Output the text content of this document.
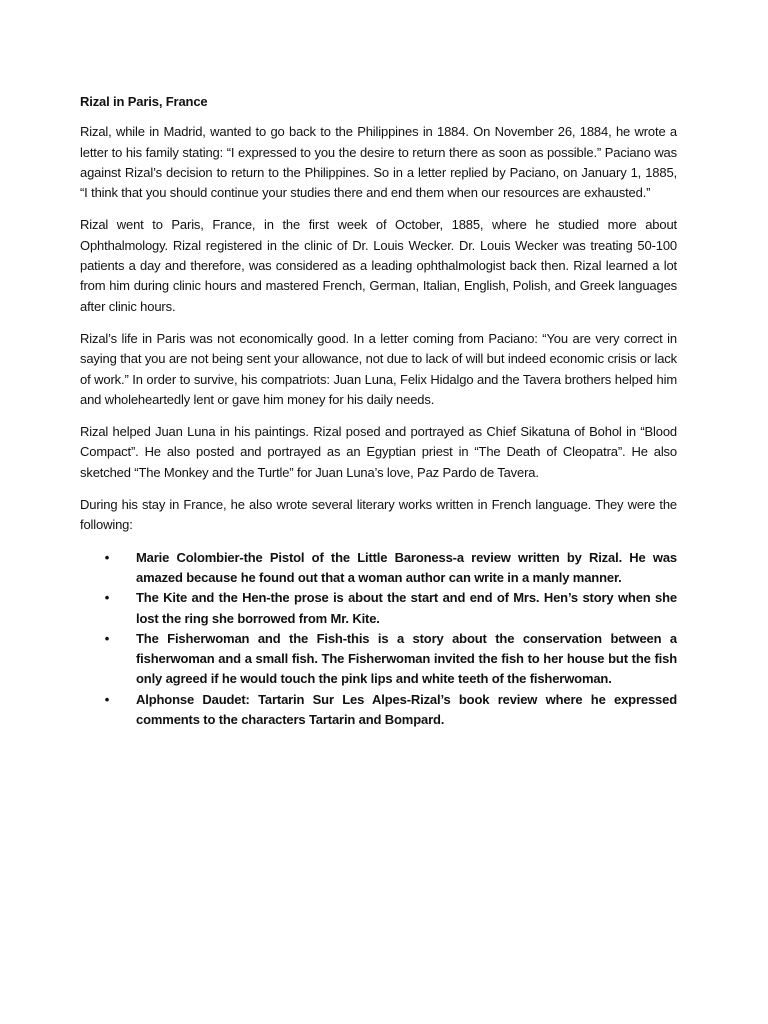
Rizal in Paris, France

Rizal, while in Madrid, wanted to go back to the Philippines in 1884. On November 26, 1884, he wrote a letter to his family stating: “I expressed to you the desire to return there as soon as possible.” Paciano was against Rizal’s decision to return to the Philippines. So in a letter replied by Paciano, on January 1, 1885, “I think that you should continue your studies there and end them when our resources are exhausted.”

Rizal went to Paris, France, in the first week of October, 1885, where he studied more about Ophthalmology. Rizal registered in the clinic of Dr. Louis Wecker. Dr. Louis Wecker was treating 50-100 patients a day and therefore, was considered as a leading ophthalmologist back then. Rizal learned a lot from him during clinic hours and mastered French, German, Italian, English, Polish, and Greek languages after clinic hours.

Rizal’s life in Paris was not economically good. In a letter coming from Paciano: “You are very correct in saying that you are not being sent your allowance, not due to lack of will but indeed economic crisis or lack of work.” In order to survive, his compatriots: Juan Luna, Felix Hidalgo and the Tavera brothers helped him and wholeheartedly lent or gave him money for his daily needs.

Rizal helped Juan Luna in his paintings. Rizal posed and portrayed as Chief Sikatuna of Bohol in “Blood Compact”. He also posted and portrayed as an Egyptian priest in “The Death of Cleopatra”. He also sketched “The Monkey and the Turtle” for Juan Luna’s love, Paz Pardo de Tavera.

During his stay in France, he also wrote several literary works written in French language. They were the following:

• Marie Colombier-the Pistol of the Little Baroness-a review written by Rizal. He was amazed because he found out that a woman author can write in a manly manner.
• The Kite and the Hen-the prose is about the start and end of Mrs. Hen’s story when she lost the ring she borrowed from Mr. Kite.
• The Fisherwoman and the Fish-this is a story about the conservation between a fisherwoman and a small fish. The Fisherwoman invited the fish to her house but the fish only agreed if he would touch the pink lips and white teeth of the fisherwoman.
• Alphonse Daudet: Tartarin Sur Les Alpes-Rizal’s book review where he expressed comments to the characters Tartarin and Bompard.
